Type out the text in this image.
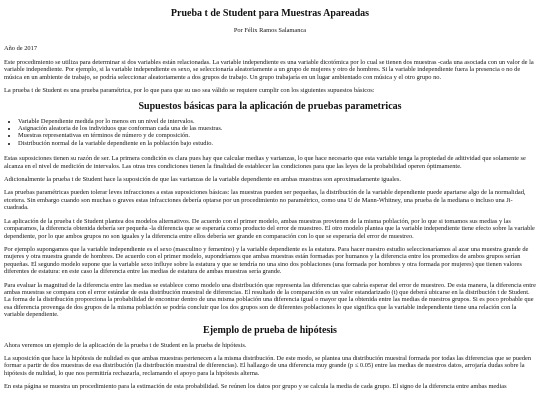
Prueba t de Student para Muestras Apareadas
Por Félix Ramos Salamanca
Año de 2017

Este procedimiento se utiliza para determinar si dos variables están relacionadas. La variable independiente es una variable dicotómica por lo cual se tienen dos muestras -cada una asociada con un valor de la variable independiente. Por ejemplo, si la variable independiente es sexo, se seleccionaría aleatoriamente a un grupo de mujeres y otro de hombres. Si la variable independiente fuera la presencia o no de música en un ambiente de trabajo, se podría seleccionar aleatoriamente a dos grupos de trabajo. Un grupo trabajaría en un lugar ambientado con música y el otro grupo no.

La prueba t de Student es una prueba paramétrica, por lo que para que su uso sea válido se requiere cumplir con los siguientes supuestos básicos:

Supuestos básicas para la aplicación de pruebas parametricas
• Variable Dependiente medida por lo menos en un nivel de intervalos.
• Asignación aleatoria de los individuos que conforman cada una de las muestras.
• Muestras representativas en términos de número y de composición.
• Distribución normal de la variable dependiente en la población bajo estudio.

Estas suposiciones tienen su razón de ser. La primera condición es clara pues hay que calcular medias y varianzas, lo que hace necesario que esta variable tenga la propiedad de aditividad que solamente se alcanza en el nivel de medición de intervalos. Las otras tres condiciones tienen la finalidad de establecer las condiciones para que las leyes de la probabilidad operen óptimamente.

Adicionalmente la prueba t de Student hace la suposición de que las varianzas de la variable dependiente en ambas muestras son aproximadamente iguales.

Las pruebas paramétricas pueden tolerar leves infracciones a estas suposiciones básicas: las muestras pueden ser pequeñas, la distribución de la variable dependiente puede apartarse algo de la normalidad, etcetera. Sin embargo cuando son muchas o graves estas infracciones debería optarse por un procedimiento no paramétrico, como una U de Mann-Whitney, una prueba de la mediana o incluso una Ji-cuadrada.

La aplicación de la prueba t de Student plantea dos modelos alternativos. De acuerdo con el primer modelo, ambas muestras provienen de la misma población, por lo que si tomamos sus medias y las comparamos, la diferencia obtenida debería ser pequeña -la diferencia que se esperaría como producto del error de muestreo. El otro modelo plantea que la variable independiente tiene efecto sobre la variable dependiente, por lo que ambos grupos no son iguales y la diferencia entre ellos debería ser grande en comparación con lo que se esperaría del error de muestreo.

Por ejemplo supongamos que la variable independiente es el sexo (masculino y femenino) y la variable dependiente es la estatura. Para hacer nuestro estudio seleccionaríamos al azar una muestra grande de mujeres y otra muestra grande de hombres. De acuerdo con el primer modelo, supondríamos que ambas muestras están formadas por humanos y la diferencia entre los promedios de ambos grupos serían pequeñas. El segundo modelo supone que la variable sexo influye sobre la estatura y que se tendría no una sino dos poblaciones (una formada por hombres y otra formada por mujeres) que tienen valores diferentes de estatura: en este caso la diferencia entre las medias de estatura de ambas muestras sería grande.

Para evaluar la magnitud de la diferencia entre las medias se establece como modelo una distribución que representa las diferencias que cabría esperar del error de muestreo. De esta manera, la diferencia entre ambas muestras se compara con el error estándar de esta distribución muestral de diferencias. El resultado de la comparación es un valor estandarizado (t) que deberá ubicarse en la distribución t de Student. La forma de la distribución proporciona la probabilidad de encontrar dentro de una misma población una diferencia igual o mayor que la obtenida entre las medias de nuestros grupos. Si es poco probable que esa diferencia provenga de dos grupos de la misma población se podría concluir que los dos grupos son de diferentes poblaciones lo que significa que la variable independiente tiene una relación con la variable dependiente.

Ejemplo de prueba de hipótesis

Ahora veremos un ejemplo de la aplicación de la prueba t de Student en la prueba de hipótesis.

La suposición que hace la hipótesis de nulidad es que ambas muestras pertenecen a la misma distribución. De este modo, se plantea una distribución muestral formada por todas las diferencias que se pueden formar a partir de dos muestras de esa distribución (la distribución muestral de diferencias). El hallazgo de una diferencia muy grande (p ≤ 0.05) entre las medias de nuestros datos, arrojaría dudas sobre la hipótesis de nulidad, lo que nos permitiría rechazarla, reclamando el apoyo para la hipótesis alterna.

En esta página se muestra un procedimiento para la estimación de esta probabilidad. Se reúnen los datos por grupo y se calcula la media de cada grupo. El signo de la diferencia entre ambas medias
